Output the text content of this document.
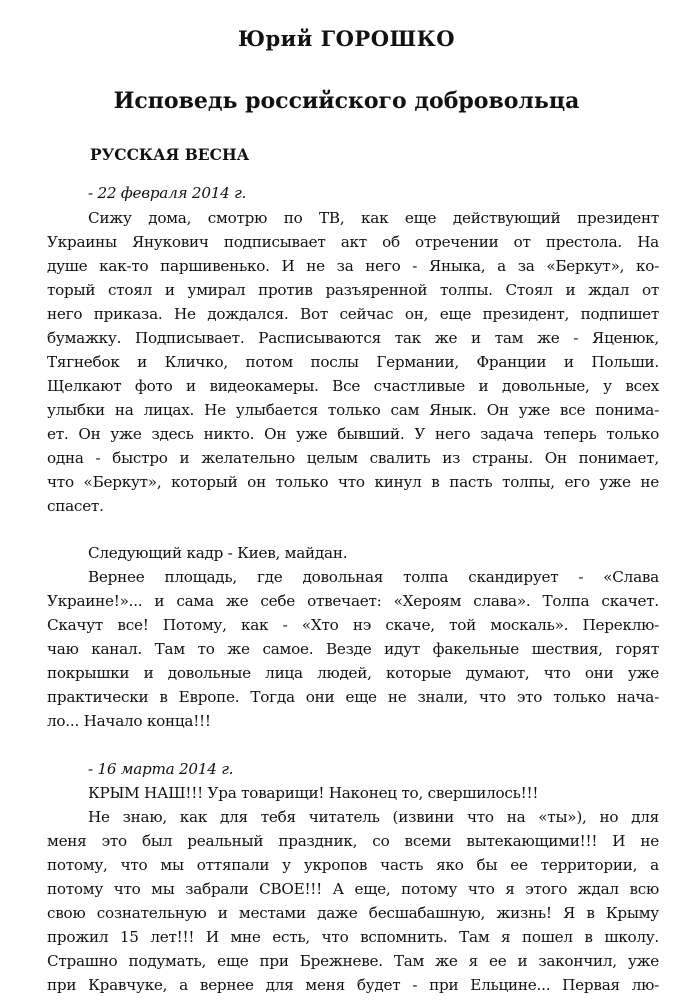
Юрий ГОРОШКО
Исповедь российского добровольца
РУССКАЯ ВЕСНА
- 22 февраля 2014 г.
Сижу дома, смотрю по ТВ, как еще действующий президент
Украины Янукович подписывает акт об отречении от престола. На
душе как-то паршивенько. И не за него - Яныка, а за «Беркут», ко-
торый стоял и умирал против разъяренной толпы. Стоял и ждал от
него приказа. Не дождался. Вот сейчас он, еще президент, подпишет
бумажку. Подписывает. Расписываются так же и там же - Яценюк,
Тягнебок и Кличко, потом послы Германии, Франции и Польши.
Щелкают фото и видеокамеры. Все счастливые и довольные, у всех
улыбки на лицах. Не улыбается только сам Янык. Он уже все понима-
ет. Он уже здесь никто. Он уже бывший. У него задача теперь только
одна - быстро и желательно целым свалить из страны. Он понимает,
что «Беркут», который он только что кинул в пасть толпы, его уже не
спасет.
Следующий кадр - Киев, майдан.
Вернее площадь, где довольная толпа скандирует - «Слава
Украине!»... и сама же себе отвечает: «Хероям слава». Толпа скачет.
Скачут все! Потому, как - «Хто нэ скаче, той москаль». Переклю-
чаю канал. Там то же самое. Везде идут факельные шествия, горят
покрышки и довольные лица людей, которые думают, что они уже
практически в Европе. Тогда они еще не знали, что это только нача-
ло... Начало конца!!!
- 16 марта 2014 г.
КРЫМ НАШ!!! Ура товарищи! Наконец то, свершилось!!!
Не знаю, как для тебя читатель (извини что на «ты»), но для
меня это был реальный праздник, со всеми вытекающими!!! И не
потому, что мы оттяпали у укропов часть яко бы ее территории, а
потому что мы забрали СВОЕ!!! А еще, потому что я этого ждал всю
свою сознательную и местами даже бесшабашную, жизнь! Я в Крыму
прожил 15 лет!!! И мне есть, что вспомнить. Там я пошел в школу.
Страшно подумать, еще при Брежневе. Там же я ее и закончил, уже
при Кравчуке, а вернее для меня будет - при Ельцине... Первая лю-
